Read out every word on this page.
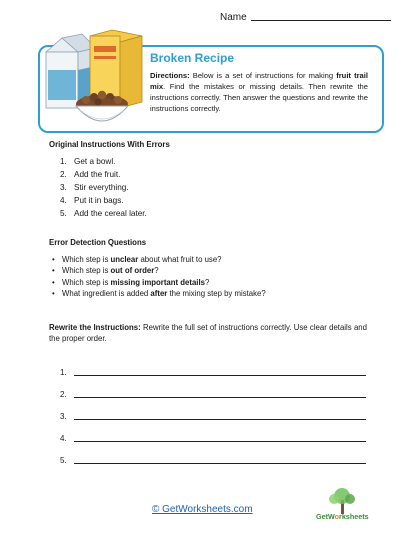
Name
Broken Recipe
Directions: Below is a set of instructions for making fruit trail mix. Find the mistakes or missing details. Then rewrite the instructions correctly. Then answer the questions and rewrite the instructions correctly.
Original Instructions With Errors
1. Get a bowl.
2. Add the fruit.
3. Stir everything.
4. Put it in bags.
5. Add the cereal later.
Error Detection Questions
• Which step is unclear about what fruit to use?
• Which step is out of order?
• Which step is missing important details?
• What ingredient is added after the mixing step by mistake?
Rewrite the Instructions: Rewrite the full set of instructions correctly. Use clear details and the proper order.
1.
2.
3.
4.
5.
© GetWorksheets.com
GetWorksheets
